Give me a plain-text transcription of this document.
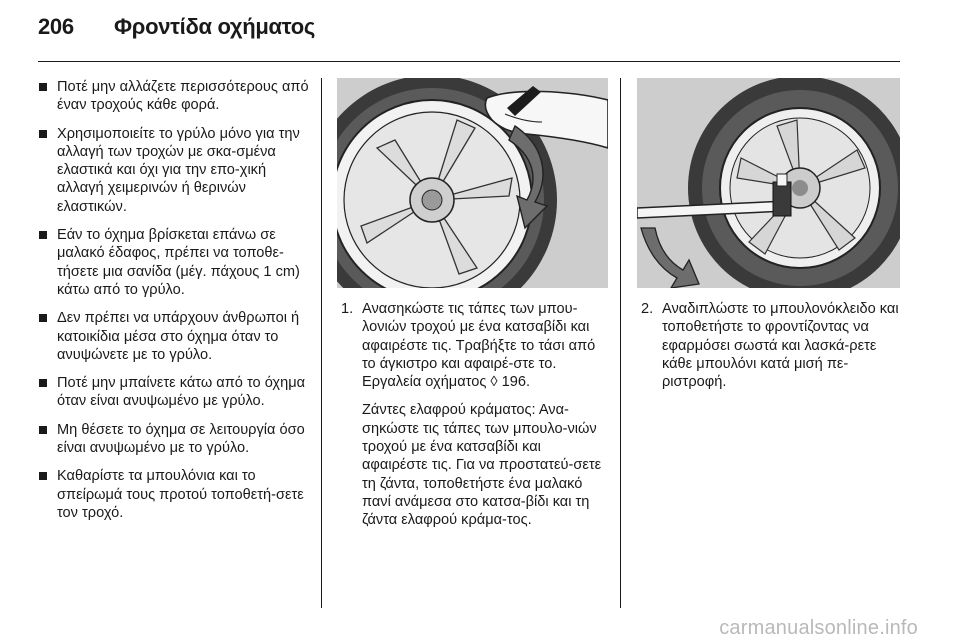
206 Φροντίδα οχήματος
Ποτέ μην αλλάζετε περισσότερους από έναν τροχούς κάθε φορά.
Χρησιμοποιείτε το γρύλο μόνο για την αλλαγή των τροχών με σκα-σμένα ελαστικά και όχι για την επο-χική αλλαγή χειμερινών ή θερινών ελαστικών.
Εάν το όχημα βρίσκεται επάνω σε μαλακό έδαφος, πρέπει να τοποθε-τήσετε μια σανίδα (μέγ. πάχους 1 cm) κάτω από το γρύλο.
Δεν πρέπει να υπάρχουν άνθρωποι ή κατοικίδια μέσα στο όχημα όταν το ανυψώνετε με το γρύλο.
Ποτέ μην μπαίνετε κάτω από το όχημα όταν είναι ανυψωμένο με γρύλο.
Μη θέσετε το όχημα σε λειτουργία όσο είναι ανυψωμένο με το γρύλο.
Καθαρίστε τα μπουλόνια και το σπείρωμά τους προτού τοποθετή-σετε τον τροχό.
1. Ανασηκώστε τις τάπες των μπου-λονιών τροχού με ένα κατσαβίδι και αφαιρέστε τις. Τραβήξτε το τάσι από το άγκιστρο και αφαιρέ-στε το. Εργαλεία οχήματος ◊ 196.
Ζάντες ελαφρού κράματος: Ανα-σηκώστε τις τάπες των μπουλο-νιών τροχού με ένα κατσαβίδι και αφαιρέστε τις. Για να προστατεύ-σετε τη ζάντα, τοποθετήστε ένα μαλακό πανί ανάμεσα στο κατσα-βίδι και τη ζάντα ελαφρού κράμα-τος.
2. Αναδιπλώστε το μπουλονόκλειδο και τοποθετήστε το φροντίζοντας να εφαρμόσει σωστά και λασκά-ρετε κάθε μπουλόνι κατά μισή πε-ριστροφή.
carmanualsonline.info
